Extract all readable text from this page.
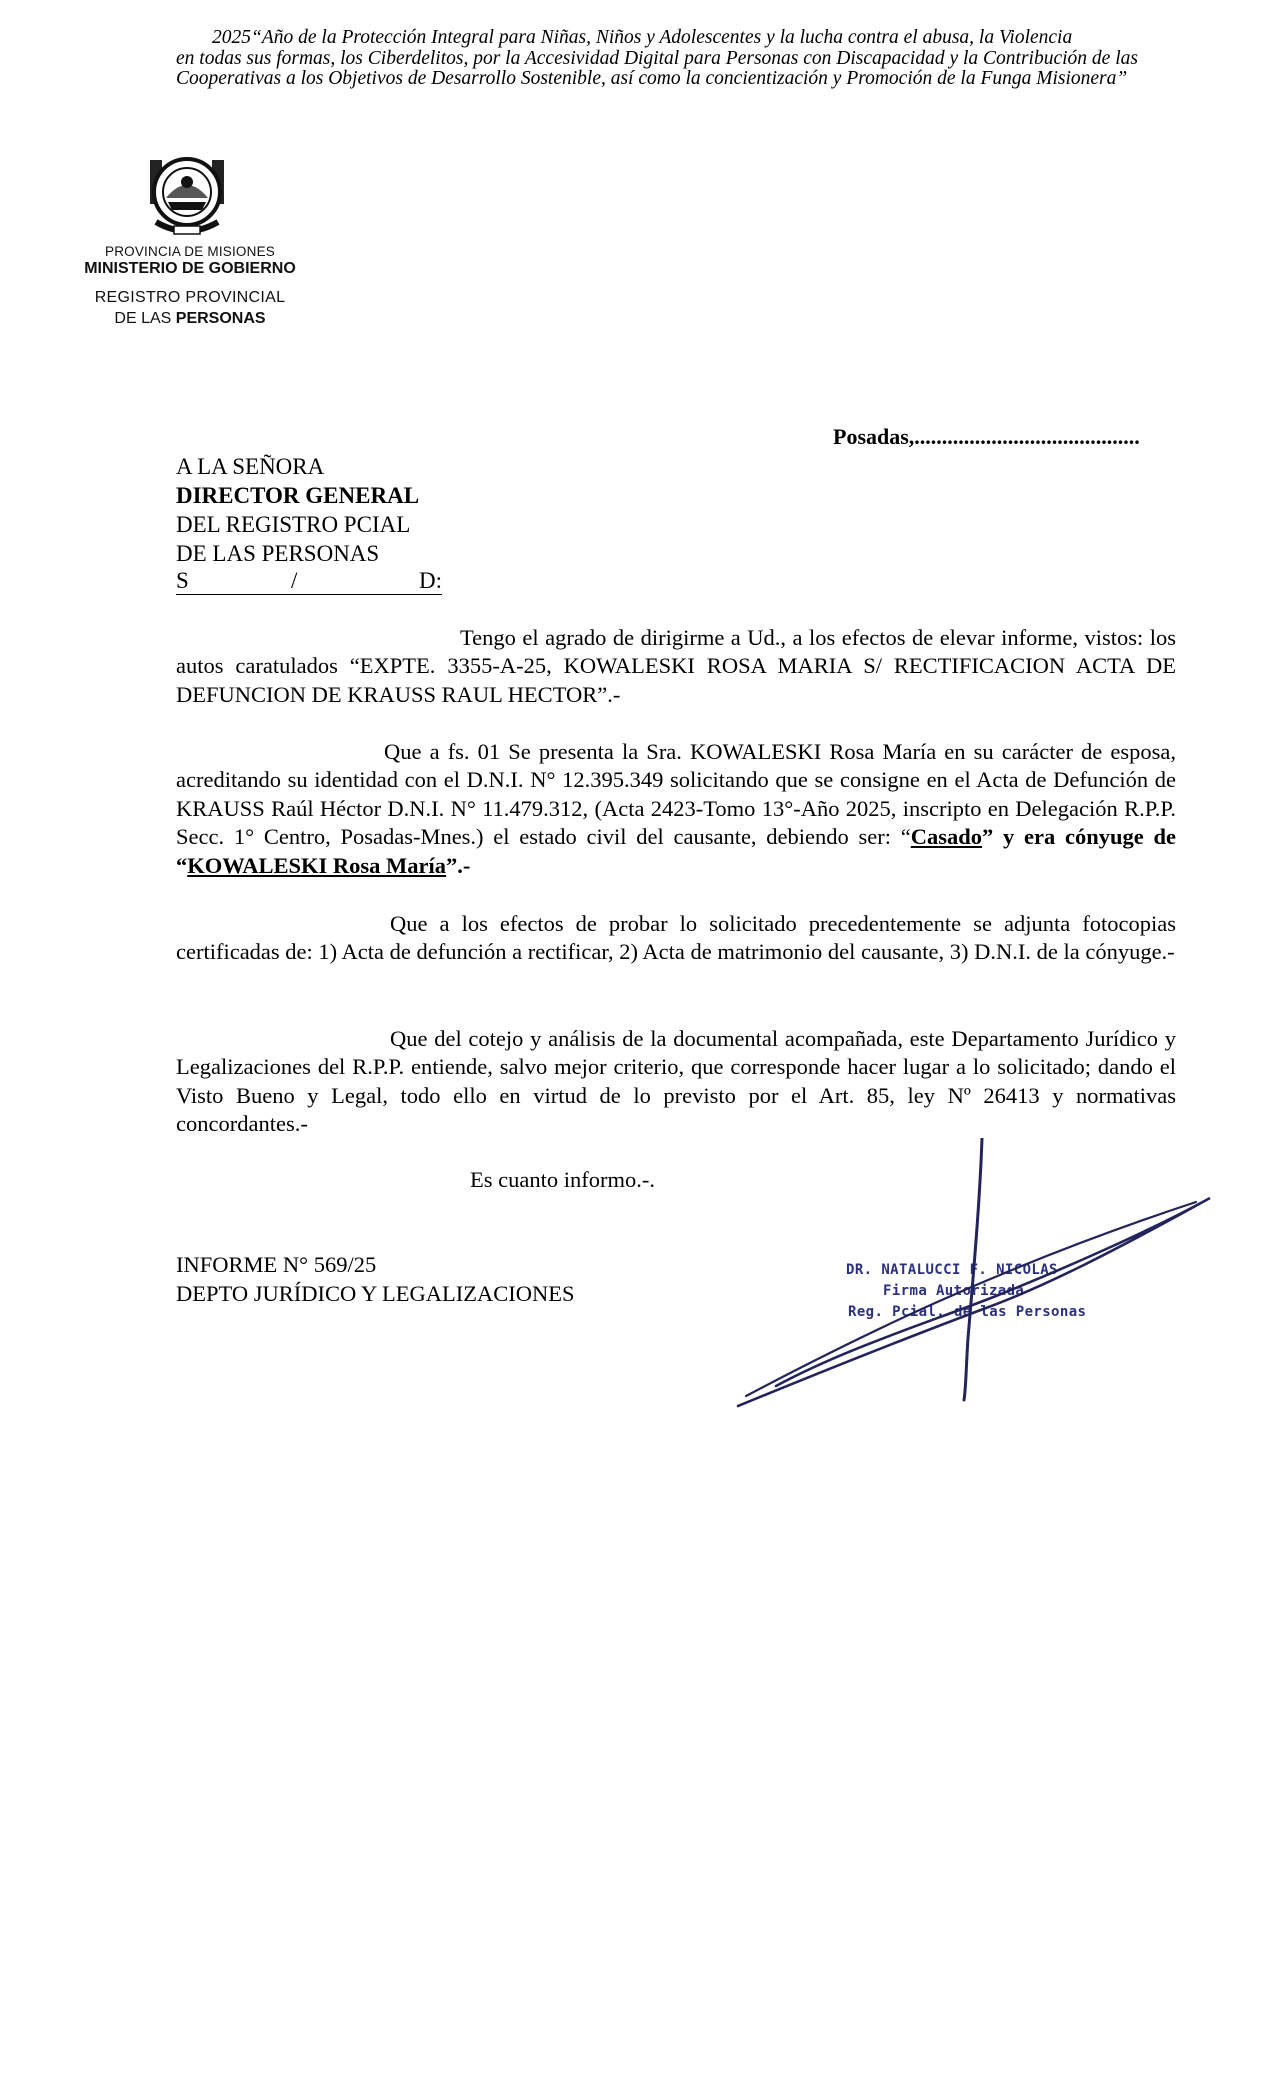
2025“Año de la Protección Integral para Niñas, Niños y Adolescentes y la lucha contra el abusa, la Violencia
en todas sus formas, los Ciberdelitos, por la Accesividad Digital para Personas con Discapacidad y la Contribución de las Cooperativas a los Objetivos de Desarrollo Sostenible, así como la concientización y Promoción de la Funga Misionera”
PROVINCIA DE MISIONES
MINISTERIO DE GOBIERNO
REGISTRO PROVINCIAL
DE LAS PERSONAS
Posadas,.........................................
A LA SEÑORA
DIRECTOR GENERAL
DEL REGISTRO PCIAL
DE LAS PERSONAS
S	/	D:
Tengo el agrado de dirigirme a Ud., a los efectos de elevar informe, vistos: los autos caratulados “EXPTE. 3355-A-25, KOWALESKI ROSA MARIA S/ RECTIFICACION ACTA DE DEFUNCION DE KRAUSS RAUL HECTOR”.-
Que a fs. 01 Se presenta la Sra. KOWALESKI Rosa María en su carácter de esposa, acreditando su identidad con el D.N.I. N° 12.395.349 solicitando que se consigne en el Acta de Defunción de KRAUSS Raúl Héctor D.N.I. N° 11.479.312, (Acta 2423-Tomo 13°-Año 2025, inscripto en Delegación R.P.P. Secc. 1° Centro, Posadas-Mnes.) el estado civil del causante, debiendo ser: “Casado” y era cónyuge de “KOWALESKI Rosa María”.-
Que a los efectos de probar lo solicitado precedentemente se adjunta fotocopias certificadas de: 1) Acta de defunción a rectificar, 2) Acta de matrimonio del causante, 3) D.N.I. de la cónyuge.-
Que del cotejo y análisis de la documental acompañada, este Departamento Jurídico y Legalizaciones del R.P.P. entiende, salvo mejor criterio, que corresponde hacer lugar a lo solicitado; dando el Visto Bueno y Legal, todo ello en virtud de lo previsto por el Art. 85, ley Nº 26413 y normativas concordantes.-
Es cuanto informo.-.
INFORME N° 569/25
DEPTO JURÍDICO Y LEGALIZACIONES
DR. NATALUCCI F. NICOLAS
Firma Autorizada
Reg. Pcial. de las Personas
